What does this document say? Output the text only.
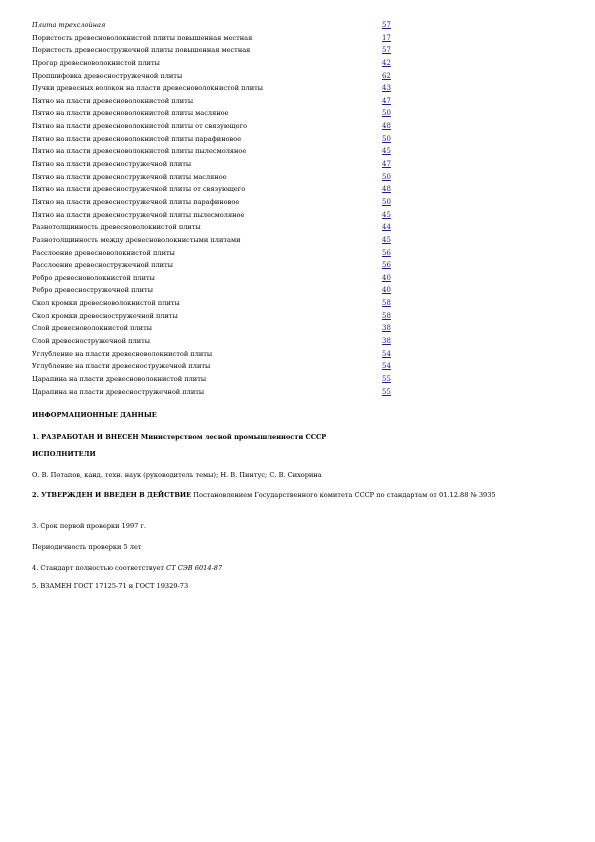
Плита трехслойная	57
Пористость древесноволокнистой плиты повышенная местная	17
Пористость древесностружечной плиты повышенная местная	57
Прогар древесноволокнистой плиты	42
Пропшифовка древесностружечной плиты	62
Пучки древесных волокон на пласти древесноволокнистой плиты	43
Пятно на пласти древесноволокнистой плиты	47
Пятно на пласти древесноволокнистой плиты масляное	50
Пятно на пласти древесноволокнистой плиты от связующего	48
Пятно на пласти древесноволокнистой плиты парафиновое	50
Пятно на пласти древесноволокнистой плиты пылесмоляное	45
Пятно на пласти древесностружечной плиты	47
Пятно на пласти древесностружечной плиты масляное	50
Пятно на пласти древесностружечной плиты от связующего	48
Пятно на пласти древесностружечной плиты парафиновое	50
Пятно на пласти древесностружечной плиты пылесмоляное	45
Разнотолщинность древесноволокнистой плиты	44
Разнотолщинность между древесноволокнистыми плитами	45
Расслоение древесноволокнистой плиты	56
Расслоение древесностружечной плиты	56
Ребро древесноволокнистой плиты	40
Ребро древесностружечной плиты	40
Скол кромки древесноволокнистой плиты	58
Скол кромки древесностружечной плиты	58
Слой древесноволокнистой плиты	38
Слой древесностружечной плиты	38
Углубление на пласти древесноволокнистой плиты	54
Углубление на пласти древесностружечной плиты	54
Царапина на пласти древесноволокнистой плиты	55
Царапина на пласти древесностружечной плиты	55

ИНФОРМАЦИОННЫЕ ДАННЫЕ

1. РАЗРАБОТАН И ВНЕСЕН Министерством лесной промышленности СССР

ИСПОЛНИТЕЛИ

О. В. Потапов, канд. техн. наук (руководитель темы); Н. В. Пинтус; С. В. Сихорина

2. УТВЕРЖДЕН И ВВЕДЕН В ДЕЙСТВИЕ Постановлением Государственного комитета СССР по стандартам от 01.12.88 № 3935

3. Срок первой проверки 1997 г.

Периодичность проверки 5 лет

4. Стандарт полностью соответствует СТ СЭВ 6014-87

5. ВЗАМЕН ГОСТ 17125-71 и ГОСТ 19329-73
